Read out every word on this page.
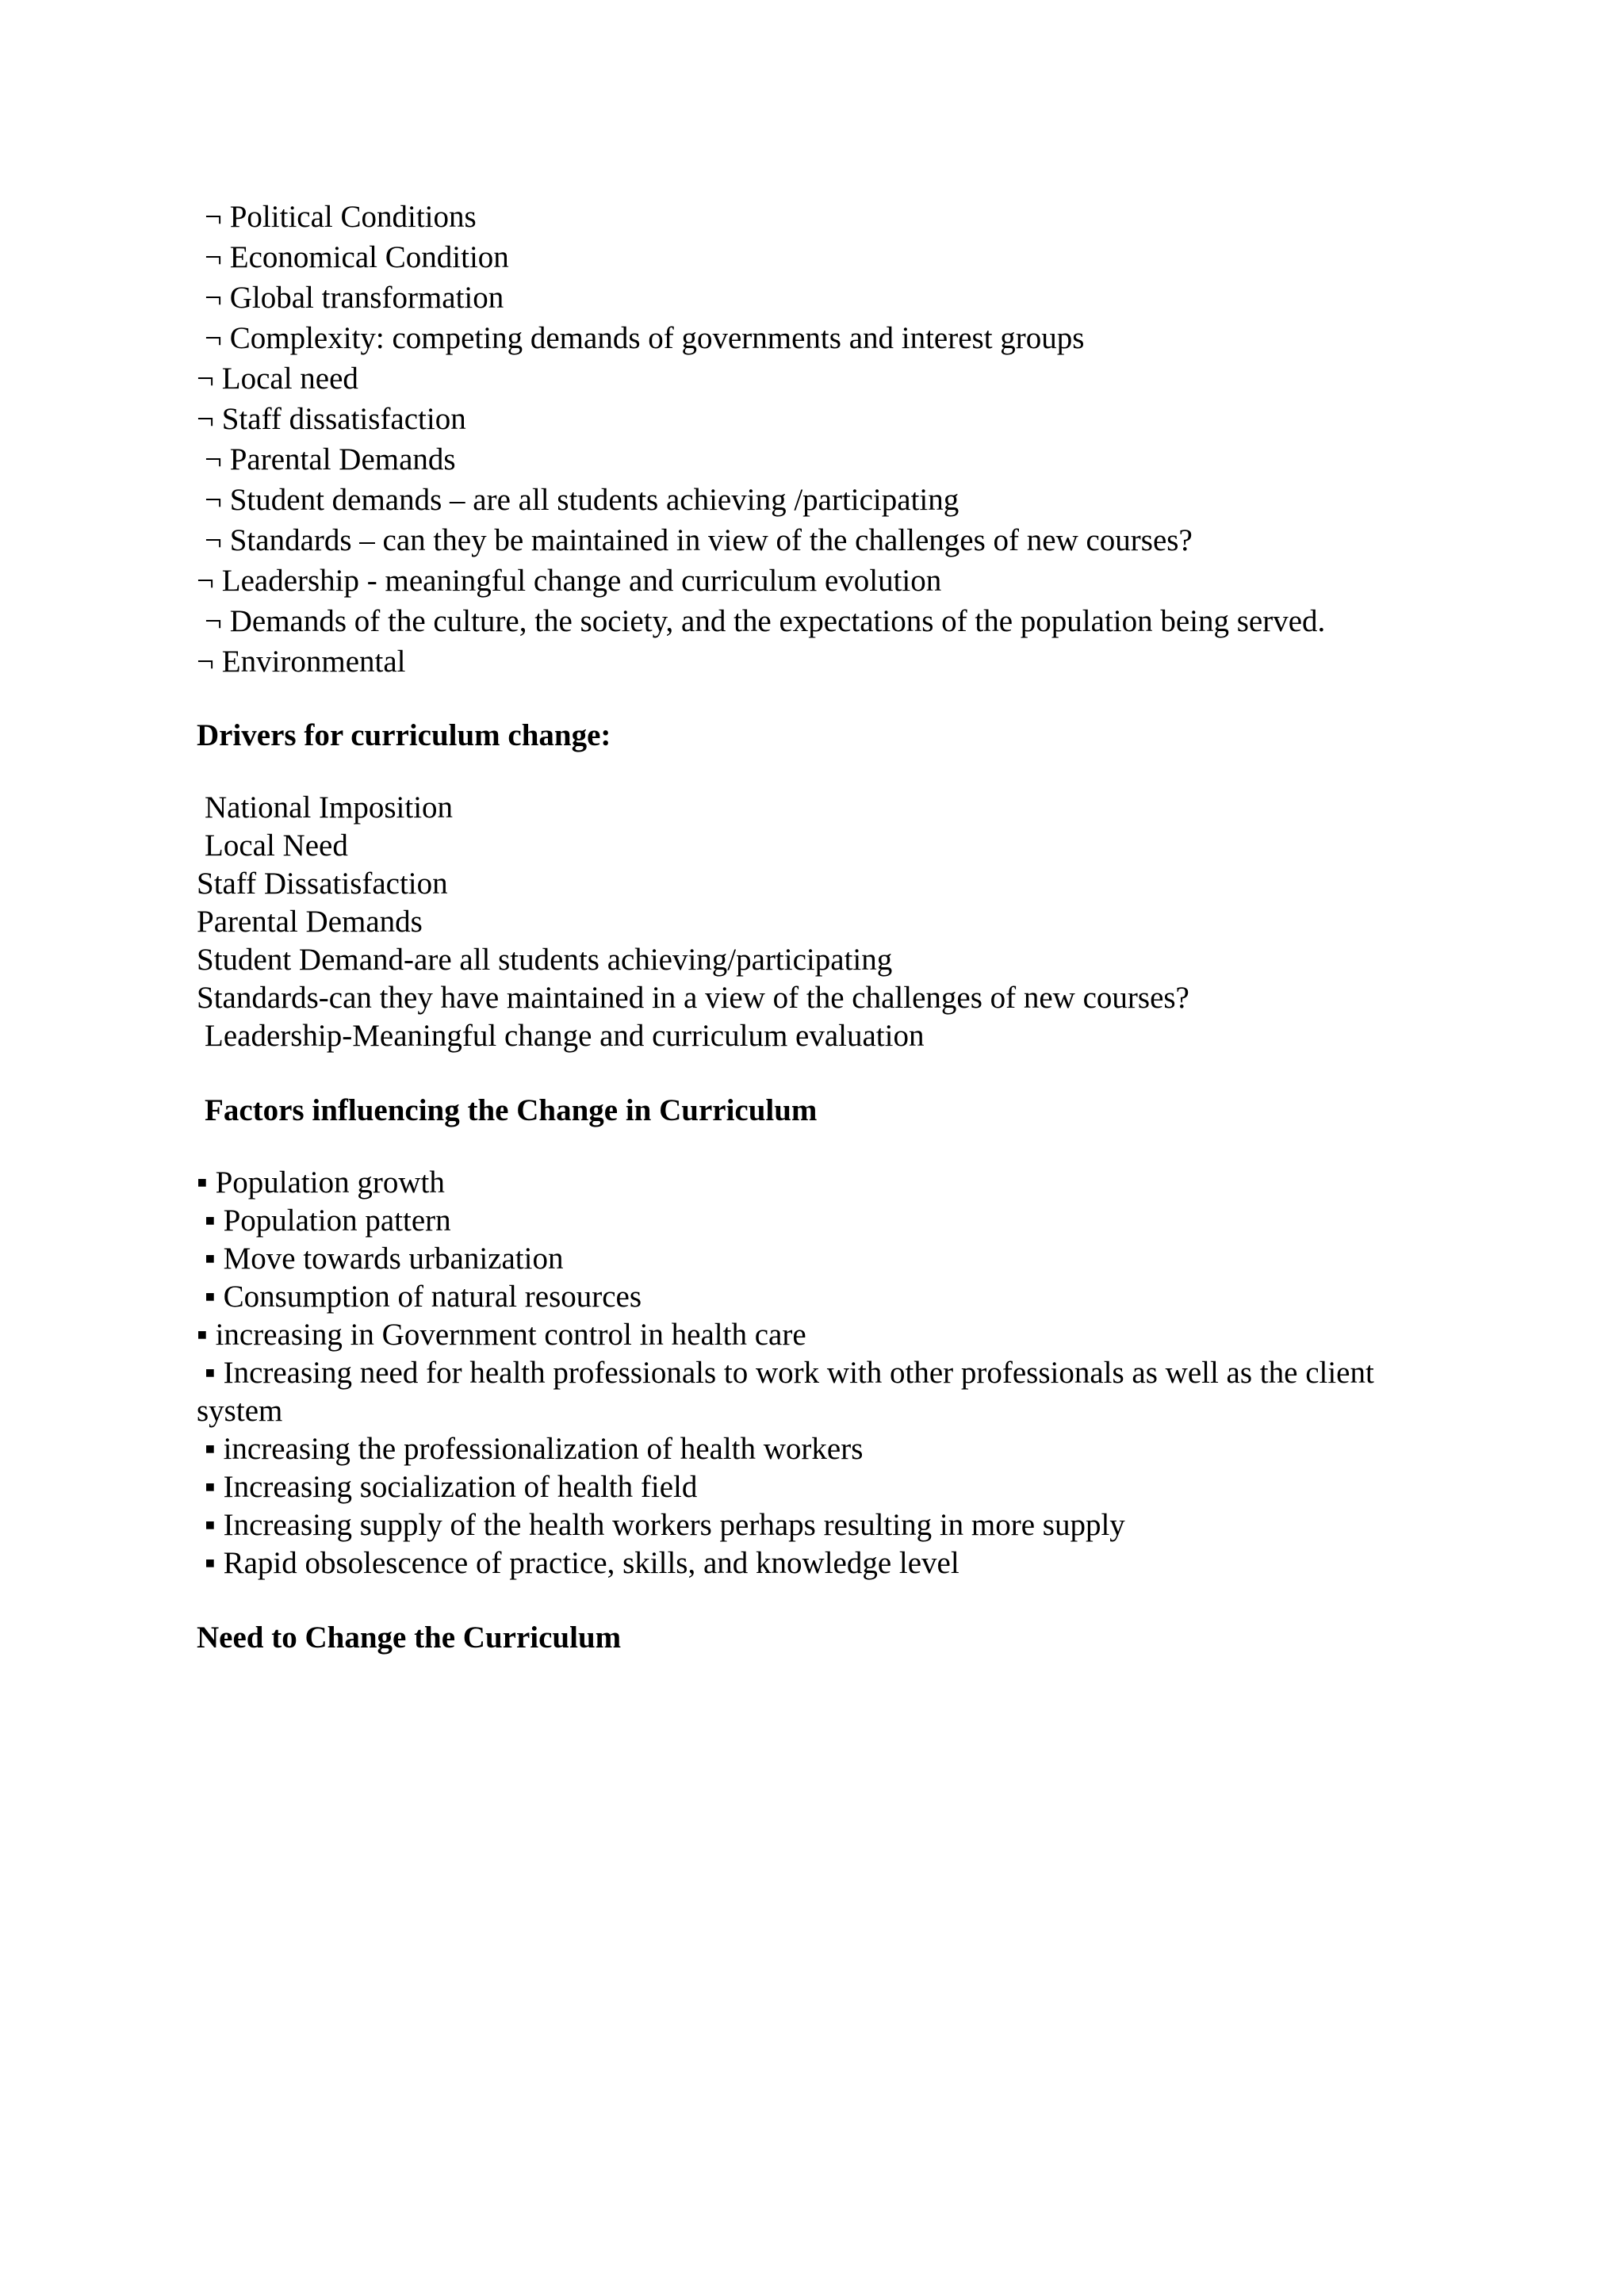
¬ Political Conditions

¬ Economical Condition

¬ Global transformation

¬ Complexity: competing demands of governments and interest groups

¬ Local need

¬ Staff dissatisfaction

¬ Parental Demands

¬ Student demands – are all students achieving /participating

¬ Standards – can they be maintained in view of the challenges of new courses?

¬ Leadership - meaningful change and curriculum evolution

¬ Demands of the culture, the society, and the expectations of the population being served.

¬ Environmental

Drivers for curriculum change:

National Imposition

Local Need

Staff Dissatisfaction

Parental Demands

Student Demand-are all students achieving/participating

Standards-can they have maintained in a view of the challenges of new courses?

Leadership-Meaningful change and curriculum evaluation

Factors influencing the Change in Curriculum

▪ Population growth

▪ Population pattern

▪ Move towards urbanization

▪ Consumption of natural resources

▪ increasing in Government control in health care

▪ Increasing need for health professionals to work with other professionals as well as the client system

▪ increasing the professionalization of health workers

▪ Increasing socialization of health field

▪ Increasing supply of the health workers perhaps resulting in more supply

▪ Rapid obsolescence of practice, skills, and knowledge level

Need to Change the Curriculum
